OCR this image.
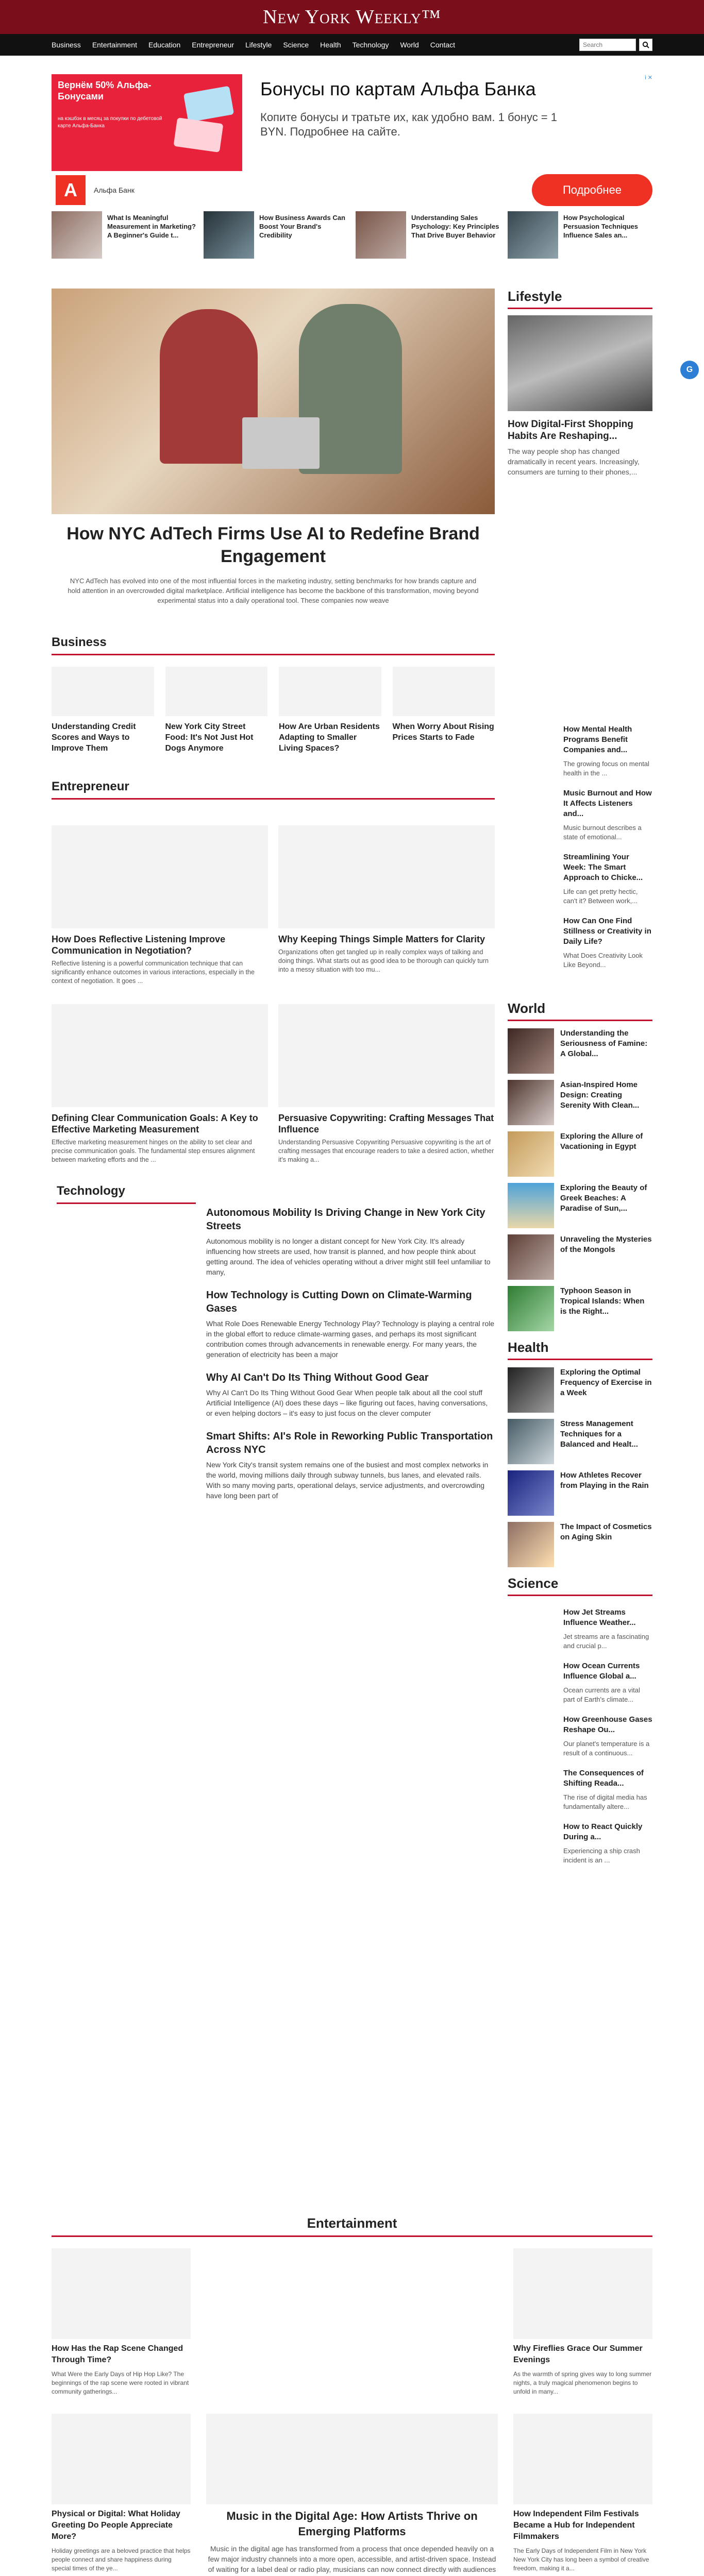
New York Weekly™
Business Entertainment Education Entrepreneur Lifestyle Science Health Technology World Contact
Search
i ✕
Вернём 50% Альфа-Бонусами
на кэшбэк в месяц за покупки по дебетовой карте Альфа-Банка
Бонусы по картам Альфа Банка
Копите бонусы и тратьте их, как удобно вам. 1 бонус = 1 BYN. Подробнее на сайте.
А	Альфа Банк	Подробнее
What Is Meaningful Measurement in Marketing? A Beginner's Guide t...
How Business Awards Can Boost Your Brand's Credibility
Understanding Sales Psychology: Key Principles That Drive Buyer Behavior
How Psychological Persuasion Techniques Influence Sales an...
How NYC AdTech Firms Use AI to Redefine Brand Engagement

NYC AdTech has evolved into one of the most influential forces in the marketing industry, setting benchmarks for how brands capture and hold attention in an overcrowded digital marketplace. Artificial intelligence has become the backbone of this transformation, moving beyond experimental status into a daily operational tool. These companies now weave

Business
Understanding Credit Scores and Ways to Improve Them
New York City Street Food: It's Not Just Hot Dogs Anymore
How Are Urban Residents Adapting to Smaller Living Spaces?
When Worry About Rising Prices Starts to Fade
Entrepreneur
How Does Reflective Listening Improve Communication in Negotiation?
Reflective listening is a powerful communication technique that can significantly enhance outcomes in various interactions, especially in the context of negotiation. It goes ...
Why Keeping Things Simple Matters for Clarity
Organizations often get tangled up in really complex ways of talking and doing things. What starts out as good idea to be thorough can quickly turn into a messy situation with too mu...
Defining Clear Communication Goals: A Key to Effective Marketing Measurement
Effective marketing measurement hinges on the ability to set clear and precise communication goals. The fundamental step ensures alignment between marketing efforts and the ...
Persuasive Copywriting: Crafting Messages That Influence
Understanding Persuasive Copywriting Persuasive copywriting is the art of crafting messages that encourage readers to take a desired action, whether it's making a...
Technology
Autonomous Mobility Is Driving Change in New York City Streets
Autonomous mobility is no longer a distant concept for New York City. It's already influencing how streets are used, how transit is planned, and how people think about getting around. The idea of vehicles operating without a driver might still feel unfamiliar to many,
How Technology is Cutting Down on Climate-Warming Gases
What Role Does Renewable Energy Technology Play? Technology is playing a central role in the global effort to reduce climate-warming gases, and perhaps its most significant contribution comes through advancements in renewable energy. For many years, the generation of electricity has been a major
Why AI Can't Do Its Thing Without Good Gear
Why AI Can't Do Its Thing Without Good Gear When people talk about all the cool stuff Artificial Intelligence (AI) does these days – like figuring out faces, having conversations, or even helping doctors – it's easy to just focus on the clever computer
Smart Shifts: AI's Role in Reworking Public Transportation Across NYC
New York City's transit system remains one of the busiest and most complex networks in the world, moving millions daily through subway tunnels, bus lanes, and elevated rails. With so many moving parts, operational delays, service adjustments, and overcrowding have long been part of
Lifestyle
How Digital-First Shopping Habits Are Reshaping...
The way people shop has changed dramatically in recent years. Increasingly, consumers are turning to their phones,...
How Mental Health Programs Benefit Companies and...
The growing focus on mental health in the ...
Music Burnout and How It Affects Listeners and...
Music burnout describes a state of emotional...
Streamlining Your Week: The Smart Approach to Chicke...
Life can get pretty hectic, can't it? Between work,...
How Can One Find Stillness or Creativity in Daily Life?
What Does Creativity Look Like Beyond...
World
Understanding the Seriousness of Famine: A Global...
Asian-Inspired Home Design: Creating Serenity With Clean...
Exploring the Allure of Vacationing in Egypt
Exploring the Beauty of Greek Beaches: A Paradise of Sun,...
Unraveling the Mysteries of the Mongols
Typhoon Season in Tropical Islands: When is the Right...
Health
Exploring the Optimal Frequency of Exercise in a Week
Stress Management Techniques for a Balanced and Healt...
How Athletes Recover from Playing in the Rain
The Impact of Cosmetics on Aging Skin
Science
How Jet Streams Influence Weather...
Jet streams are a fascinating and crucial p...
How Ocean Currents Influence Global a...
Ocean currents are a vital part of Earth's climate...
How Greenhouse Gases Reshape Ou...
Our planet's temperature is a result of a continuous...
The Consequences of Shifting Reada...
The rise of digital media has fundamentally altere...
How to React Quickly During a...
Experiencing a ship crash incident is an ...
G
Entertainment
How Has the Rap Scene Changed Through Time?
What Were the Early Days of Hip Hop Like? The beginnings of the rap scene were rooted in vibrant community gatherings...
Why Fireflies Grace Our Summer Evenings
As the warmth of spring gives way to long summer nights, a truly magical phenomenon begins to unfold in many...
Physical or Digital: What Holiday Greeting Do People Appreciate More?
Holiday greetings are a beloved practice that helps people connect and share happiness during special times of the ye...
Music in the Digital Age: How Artists Thrive on Emerging Platforms
Music in the digital age has transformed from a process that once depended heavily on a few major industry channels into a more open, accessible, and artist-driven space. Instead of waiting for a label deal or radio play, musicians can now connect directly with audiences
How Independent Film Festivals Became a Hub for Independent Filmmakers
The Early Days of Independent Film in New York New York City has long been a symbol of creative freedom, making it a...
